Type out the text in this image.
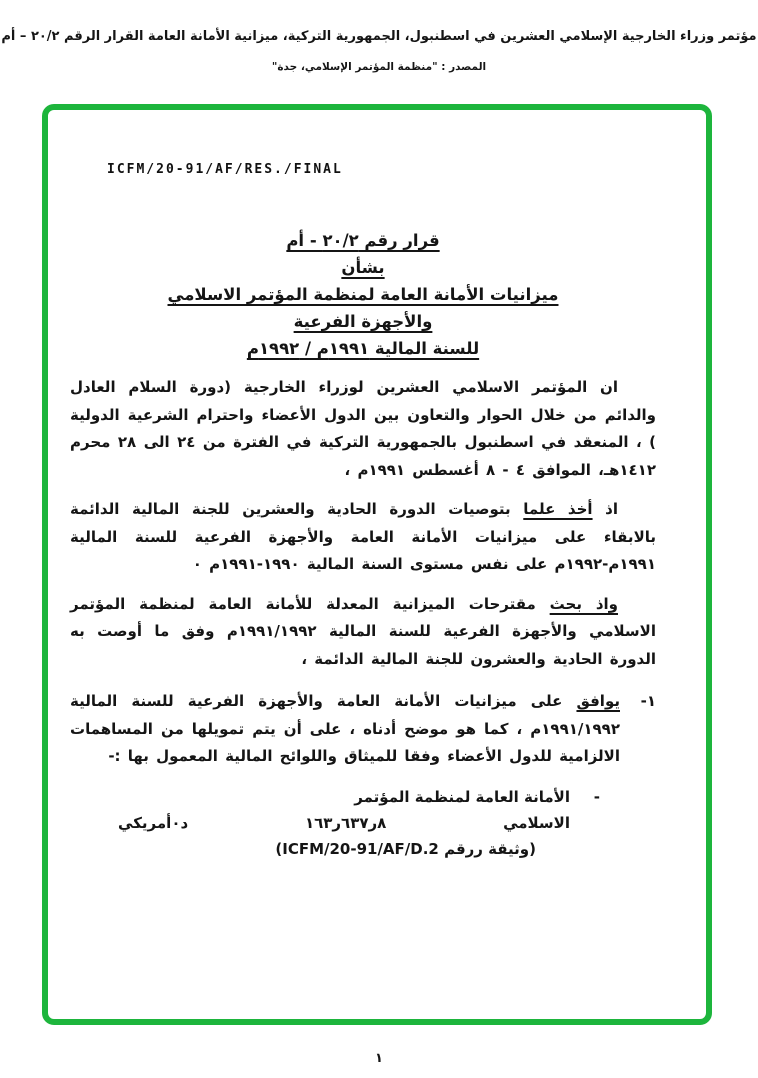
مؤتمر وزراء الخارجية الإسلامي العشرين في اسطنبول، الجمهورية التركية، ميزانية الأمانة العامة القرار الرقم ٢٠/٢ – أم
المصدر : "منظمة المؤتمر الإسلامي، جدة"
ICFM/20-91/AF/RES./FINAL
قرار رقم ٢٠/٢ - أم
بشأن
ميزانيات الأمانة العامة لمنظمة المؤتمر الاسلامي
والأجهزة الفرعية
للسنة المالية ١٩٩١م / ١٩٩٢م

ان المؤتمر الاسلامي العشرين لوزراء الخارجية (دورة السلام العادل والدائم من خلال الحوار والتعاون بين الدول الأعضاء واحترام الشرعية الدولية ) ، المنعقد في اسطنبول بالجمهورية التركية في الفترة من ٢٤ الى ٢٨ محرم ١٤١٢هـ، الموافق ٤ - ٨ أغسطس ١٩٩١م ،

اذ أخذ علما بتوصيات الدورة الحادية والعشرين للجنة المالية الدائمة بالابقاء على ميزانيات الأمانة العامة والأجهزة الفرعية للسنة المالية ١٩٩١م-١٩٩٢م على نفس مستوى السنة المالية ١٩٩٠-١٩٩١م ٠

واذ بحث مقترحات الميزانية المعدلة للأمانة العامة لمنظمة المؤتمر الاسلامي والأجهزة الفرعية للسنة المالية ١٩٩١/١٩٩٢م وفق ما أوصت به الدورة الحادية والعشرون للجنة المالية الدائمة ،

١-
يوافق على ميزانيات الأمانة العامة والأجهزة الفرعية للسنة المالية ١٩٩١/١٩٩٢م ، كما هو موضح أدناه ، على أن يتم تمويلها من المساهمات الالزامية للدول الأعضاء وفقا للميثاق واللوائح المالية المعمول بها :-
-
الأمانة العامة لمنظمة المؤتمر
الاسلامي
٨ر٦٣٧ر١٦٣
د٠أمريكي
(وثيقة ررقم ICFM/20-91/AF/D.2)
١
